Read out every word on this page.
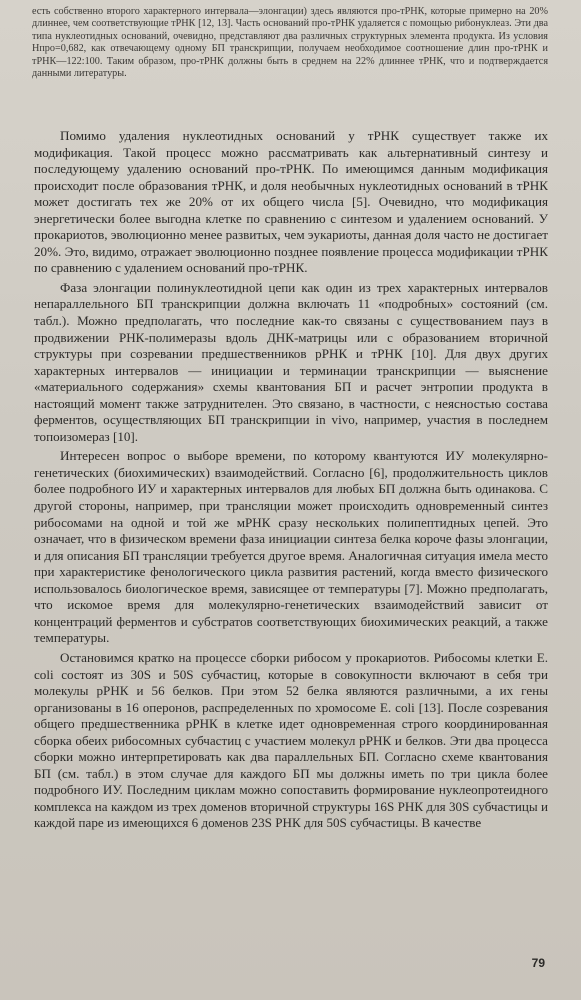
есть собственно второго характерного интервала—элонгации) здесь являются про-тРНК, которые примерно на 20% длиннее, чем соответствующие тРНК [12, 13]. Часть оснований про-тРНК удаляется с помощью рибонуклеаз. Эти два типа нуклеотидных оснований, очевидно, представляют два различных структурных элемента продукта. Из условия Hпро=0,682, как отвечающему одному БП транскрипции, получаем необходимое соотношение длин про-тРНК и тРНК—122:100. Таким образом, про-тРНК должны быть в среднем на 22% длиннее тРНК, что и подтверждается данными литературы.

Помимо удаления нуклеотидных оснований у тРНК существует также их модификация. Такой процесс можно рассматривать как альтернативный синтезу и последующему удалению оснований про-тРНК. По имеющимся данным модификация происходит после образования тРНК, и доля необычных нуклеотидных оснований в тРНК может достигать тех же 20% от их общего числа [5]. Очевидно, что модификация энергетически более выгодна клетке по сравнению с синтезом и удалением оснований. У прокариотов, эволюционно менее развитых, чем эукариоты, данная доля часто не достигает 20%. Это, видимо, отражает эволюционно позднее появление процесса модификации тРНК по сравнению с удалением оснований про-тРНК.

Фаза элонгации полинуклеотидной цепи как один из трех характерных интервалов непараллельного БП транскрипции должна включать 11 «подробных» состояний (см. табл.). Можно предполагать, что последние как-то связаны с существованием пауз в продвижении РНК-полимеразы вдоль ДНК-матрицы или с образованием вторичной структуры при созревании предшественников рРНК и тРНК [10]. Для двух других характерных интервалов — инициации и терминации транскрипции — выяснение «материального содержания» схемы квантования БП и расчет энтропии продукта в настоящий момент также затруднителен. Это связано, в частности, с неясностью состава ферментов, осуществляющих БП транскрипции in vivo, например, участия в последнем топоизомераз [10].

Интересен вопрос о выборе времени, по которому квантуются ИУ молекулярно-генетических (биохимических) взаимодействий. Согласно [6], продолжительность циклов более подробного ИУ и характерных интервалов для любых БП должна быть одинакова. С другой стороны, например, при трансляции может происходить одновременный синтез рибосомами на одной и той же мРНК сразу нескольких полипептидных цепей. Это означает, что в физическом времени фаза инициации синтеза белка короче фазы элонгации, и для описания БП трансляции требуется другое время. Аналогичная ситуация имела место при характеристике фенологического цикла развития растений, когда вместо физического использовалось биологическое время, зависящее от температуры [7]. Можно предполагать, что искомое время для молекулярно-генетических взаимодействий зависит от концентраций ферментов и субстратов соответствующих биохимических реакций, а также температуры.

Остановимся кратко на процессе сборки рибосом у прокариотов. Рибосомы клетки E. coli состоят из 30S и 50S субчастиц, которые в совокупности включают в себя три молекулы рРНК и 56 белков. При этом 52 белка являются различными, а их гены организованы в 16 оперонов, распределенных по хромосоме E. coli [13]. После созревания общего предшественника рРНК в клетке идет одновременная строго координированная сборка обеих рибосомных субчастиц с участием молекул рРНК и белков. Эти два процесса сборки можно интерпретировать как два параллельных БП. Согласно схеме квантования БП (см. табл.) в этом случае для каждого БП мы должны иметь по три цикла более подробного ИУ. Последним циклам можно сопоставить формирование нуклеопротеидного комплекса на каждом из трех доменов вторичной структуры 16S РНК для 30S субчастицы и каждой паре из имеющихся 6 доменов 23S РНК для 50S субчастицы. В качестве

79
